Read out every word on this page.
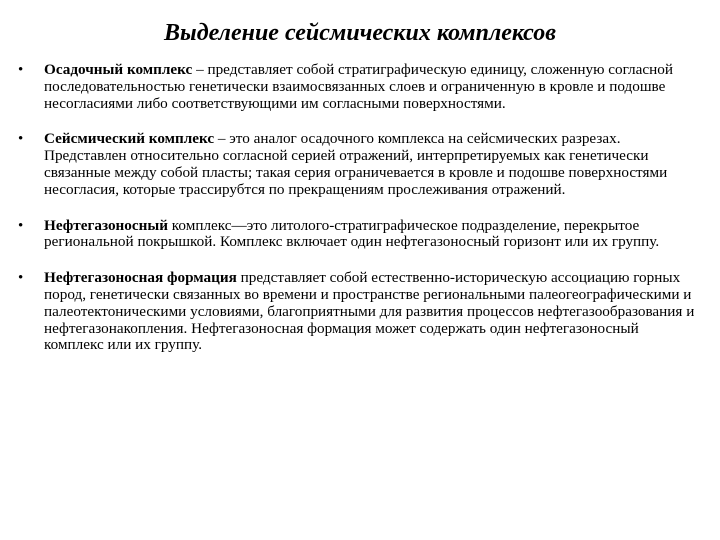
Выделение сейсмических комплексов
• Осадочный комплекс – представляет собой стратиграфическую единицу, сложенную согласной последовательностью генетически взаимосвязанных слоев и ограниченную в кровле и подошве несогласиями либо соответствующими им согласными поверхностями.
• Сейсмический комплекс – это аналог осадочного комплекса на сейсмических разрезах. Представлен относительно согласной серией отражений, интерпретируемых как генетически связанные между собой пласты; такая серия ограничевается в кровле и подошве поверхностями несогласия, которые трассирубтся по прекращениям прослеживания отражений.
• Нефтегазоносный комплекс—это литолого-стратиграфическое подразделение, перекрытое региональной покрышкой. Комплекс включает один нефтегазоносный горизонт или их группу.
• Нефтегазоносная формация представляет собой естественно-историческую ассоциацию горных пород, генетически связанных во времени и пространстве региональными палеогеографическими и палеотектоническими условиями, благоприятными для развития процессов нефтегазообразования и нефтегазонакопления. Нефтегазоносная формация может содержать один нефтегазоносный комплекс или их группу.
